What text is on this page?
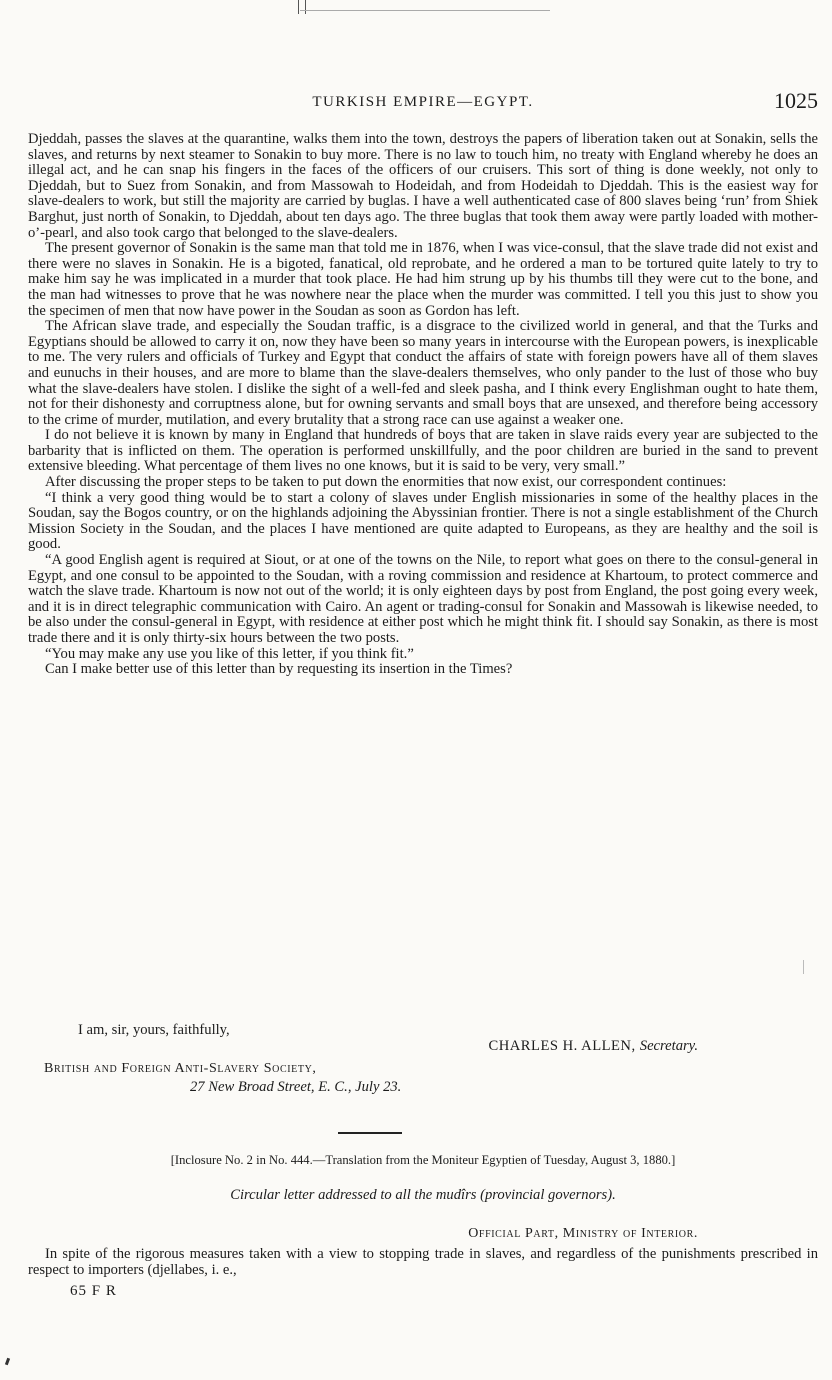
TURKISH EMPIRE—EGYPT.	1025

Djeddah, passes the slaves at the quarantine, walks them into the town, destroys the papers of liberation taken out at Sonakin, sells the slaves, and returns by next steamer to Sonakin to buy more. There is no law to touch him, no treaty with England whereby he does an illegal act, and he can snap his fingers in the faces of the officers of our cruisers. This sort of thing is done weekly, not only to Djeddah, but to Suez from Sonakin, and from Massowah to Hodeidah, and from Hodeidah to Djeddah. This is the easiest way for slave-dealers to work, but still the majority are carried by buglas. I have a well authenticated case of 800 slaves being ‘run’ from Shiek Barghut, just north of Sonakin, to Djeddah, about ten days ago. The three buglas that took them away were partly loaded with mother-o’-pearl, and also took cargo that belonged to the slave-dealers.

The present governor of Sonakin is the same man that told me in 1876, when I was vice-consul, that the slave trade did not exist and there were no slaves in Sonakin. He is a bigoted, fanatical, old reprobate, and he ordered a man to be tortured quite lately to try to make him say he was implicated in a murder that took place. He had him strung up by his thumbs till they were cut to the bone, and the man had witnesses to prove that he was nowhere near the place when the murder was committed. I tell you this just to show you the specimen of men that now have power in the Soudan as soon as Gordon has left.

The African slave trade, and especially the Soudan traffic, is a disgrace to the civilized world in general, and that the Turks and Egyptians should be allowed to carry it on, now they have been so many years in intercourse with the European powers, is inexplicable to me. The very rulers and officials of Turkey and Egypt that conduct the affairs of state with foreign powers have all of them slaves and eunuchs in their houses, and are more to blame than the slave-dealers themselves, who only pander to the lust of those who buy what the slave-dealers have stolen. I dislike the sight of a well-fed and sleek pasha, and I think every Englishman ought to hate them, not for their dishonesty and corruptness alone, but for owning servants and small boys that are unsexed, and therefore being accessory to the crime of murder, mutilation, and every brutality that a strong race can use against a weaker one.

I do not believe it is known by many in England that hundreds of boys that are taken in slave raids every year are subjected to the barbarity that is inflicted on them. The operation is performed unskillfully, and the poor children are buried in the sand to prevent extensive bleeding. What percentage of them lives no one knows, but it is said to be very, very small.”

After discussing the proper steps to be taken to put down the enormities that now exist, our correspondent continues:

“I think a very good thing would be to start a colony of slaves under English missionaries in some of the healthy places in the Soudan, say the Bogos country, or on the highlands adjoining the Abyssinian frontier. There is not a single establishment of the Church Mission Society in the Soudan, and the places I have mentioned are quite adapted to Europeans, as they are healthy and the soil is good.

“A good English agent is required at Siout, or at one of the towns on the Nile, to report what goes on there to the consul-general in Egypt, and one consul to be appointed to the Soudan, with a roving commission and residence at Khartoum, to protect commerce and watch the slave trade. Khartoum is now not out of the world; it is only eighteen days by post from England, the post going every week, and it is in direct telegraphic communication with Cairo. An agent or trading-consul for Sonakin and Massowah is likewise needed, to be also under the consul-general in Egypt, with residence at either post which he might think fit. I should say Sonakin, as there is most trade there and it is only thirty-six hours between the two posts.

“You may make any use you like of this letter, if you think fit.”

Can I make better use of this letter than by requesting its insertion in the Times?

I am, sir, yours, faithfully,
CHARLES H. ALLEN, Secretary.
British and Foreign Anti-Slavery Society,
27 New Broad Street, E. C., July 23.
[Inclosure No. 2 in No. 444.—Translation from the Moniteur Egyptien of Tuesday, August 3, 1880.]
Circular letter addressed to all the mudîrs (provincial governors).
Official Part, Ministry of Interior.

In spite of the rigorous measures taken with a view to stopping trade in slaves, and regardless of the punishments prescribed in respect to importers (djellabes, i. e.,

65 F R
